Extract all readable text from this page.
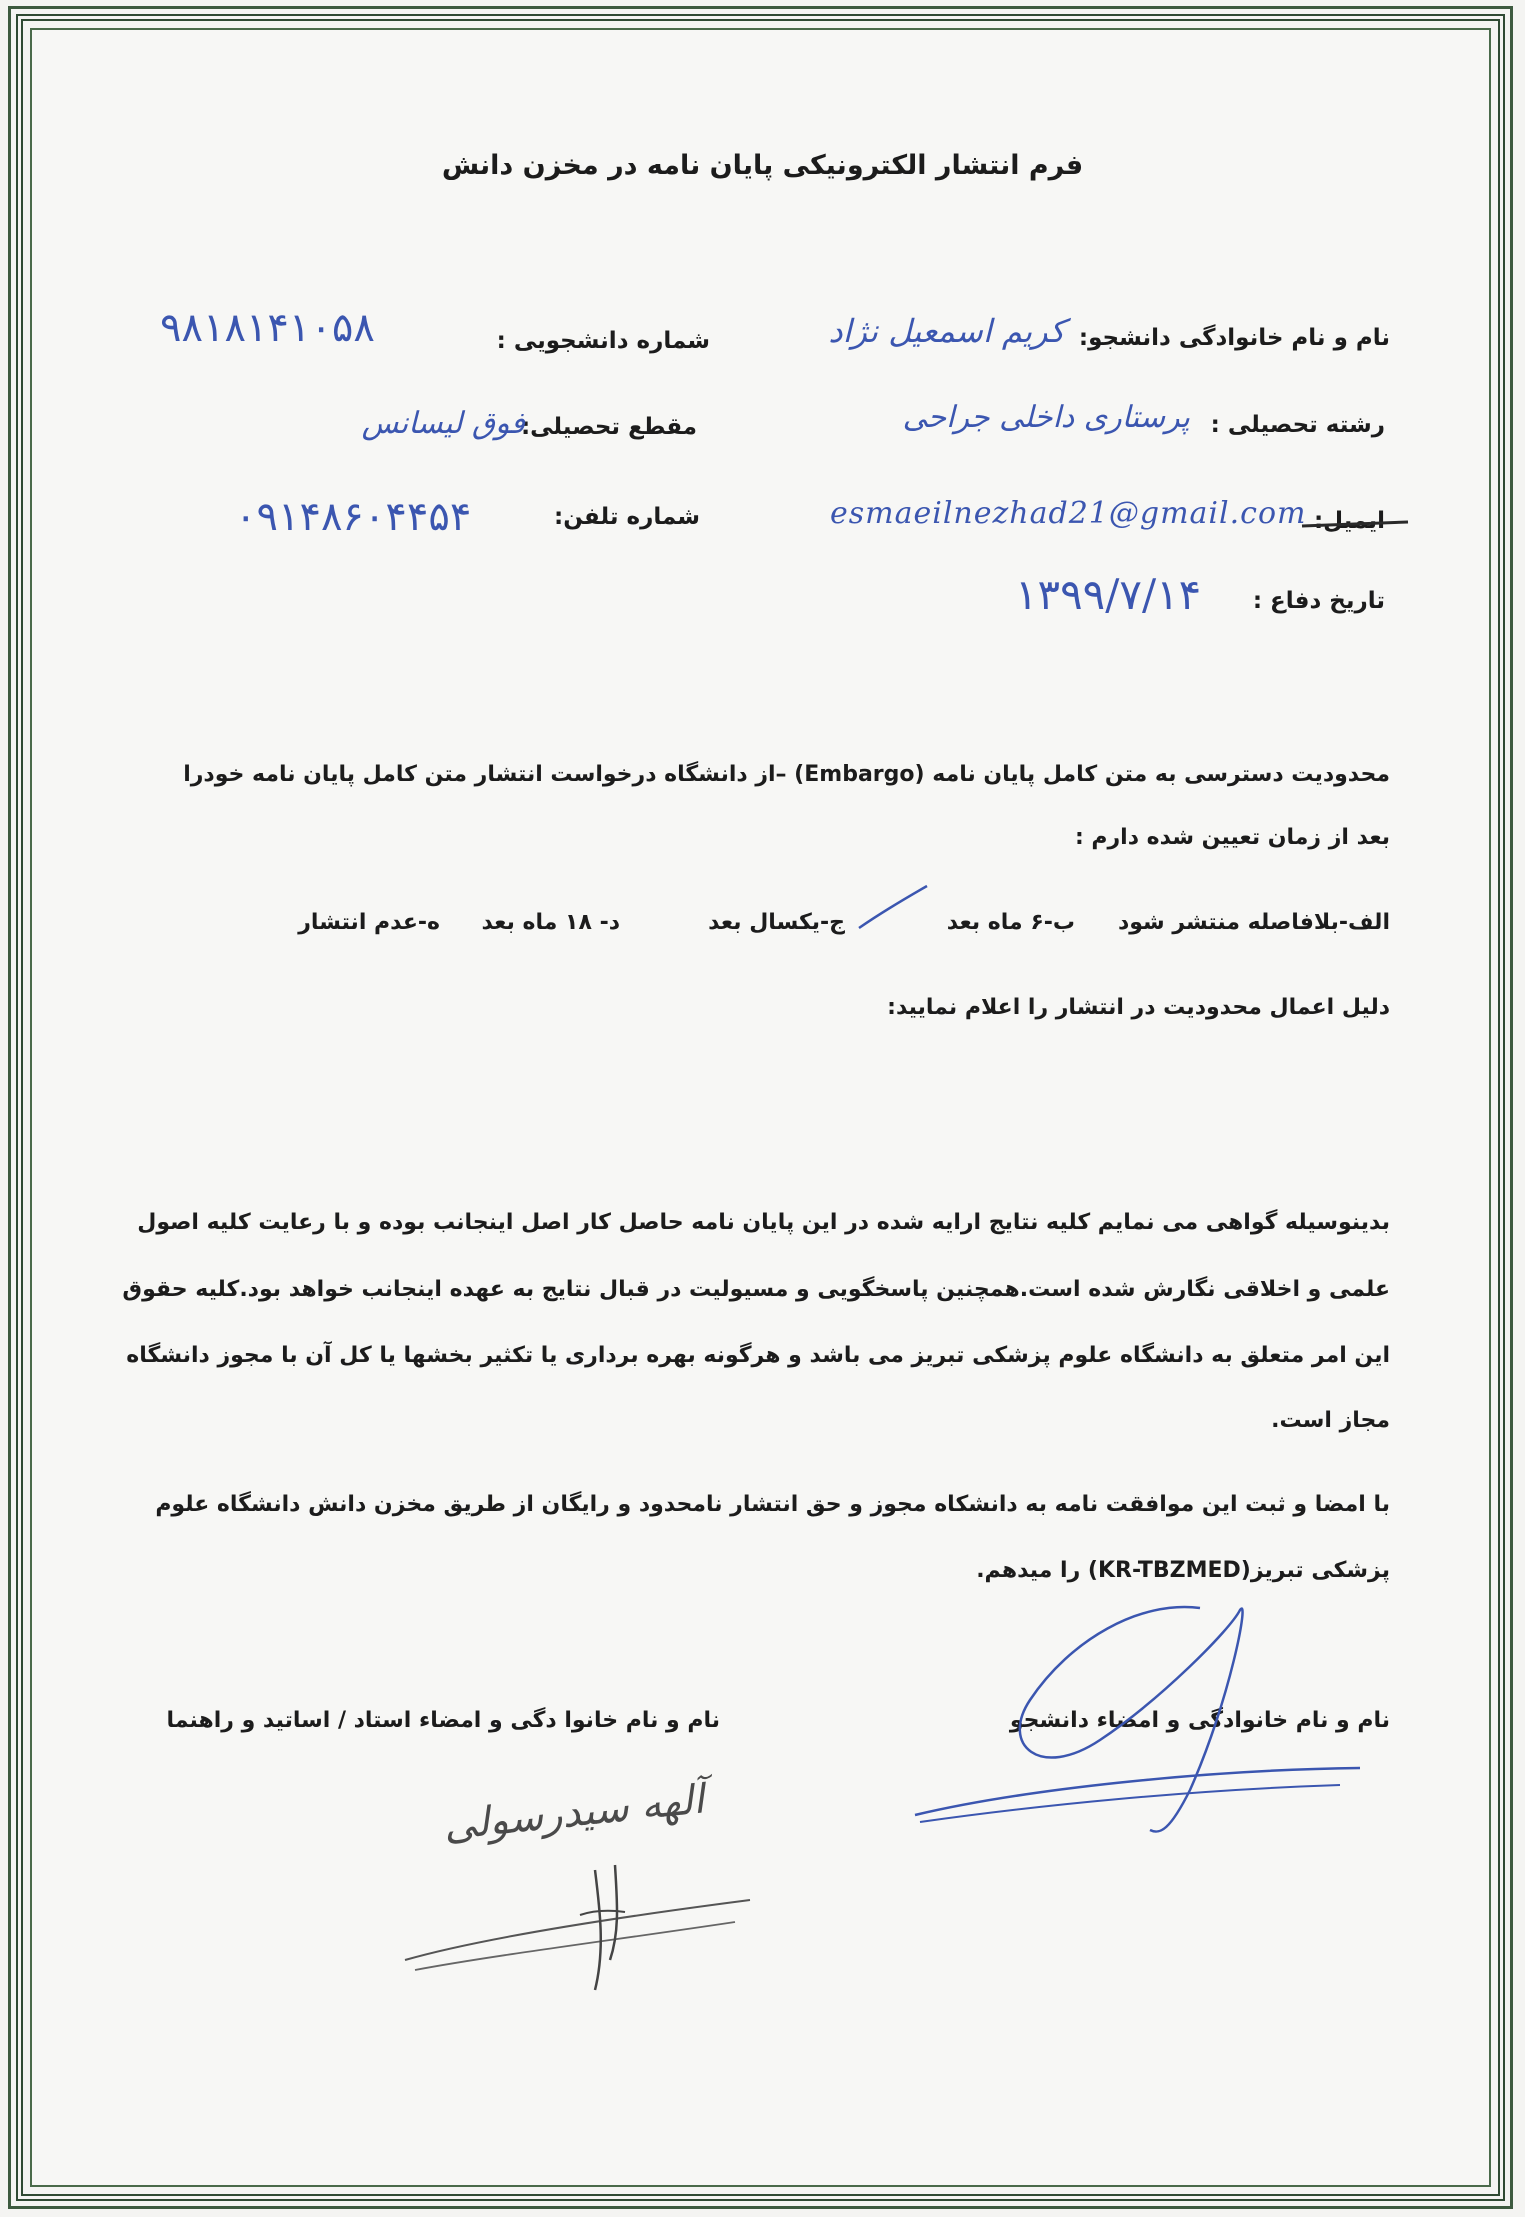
فرم انتشار الکترونیکی پایان نامه در مخزن دانش
نام و نام خانوادگی دانشجو:
کریم اسمعیل نژاد
شماره دانشجویی :
۹۸۱۸۱۴۱۰۵۸
رشته تحصیلی :
پرستاری داخلی جراحی
مقطع تحصیلی:
فوق لیسانس
ایمیل:
esmaeilnezhad21@gmail.com
شماره تلفن:
۰۹۱۴۸۶۰۴۴۵۴
تاریخ دفاع :
۱۳۹۹/۷/۱۴
محدودیت دسترسی به متن کامل پایان نامه (Embargo) –از دانشگاه درخواست انتشار متن کامل پایان نامه خودرا
بعد از زمان تعیین شده دارم :
الف-بلافاصله منتشر شود
ب-۶ ماه بعد
ج-یکسال بعد
د- ۱۸ ماه بعد
ه-عدم انتشار
دلیل اعمال محدودیت در انتشار را اعلام نمایید:
بدینوسیله گواهی می نمایم کلیه نتایج ارایه شده در این پایان نامه حاصل کار اصل اینجانب بوده و با رعایت کلیه اصول
علمی و اخلاقی نگارش شده است.همچنین پاسخگویی و مسیولیت در قبال نتایج به عهده اینجانب خواهد بود.کلیه حقوق
این امر متعلق به دانشگاه علوم پزشکی تبریز می باشد و هرگونه بهره برداری یا تکثیر بخشها یا کل آن با مجوز دانشگاه
مجاز است.
با امضا و ثبت این موافقت نامه به دانشکاه مجوز و حق انتشار نامحدود و رایگان از طریق مخزن دانش دانشگاه علوم
پزشکی تبریز(KR-TBZMED) را میدهم.
نام و نام خانوادگی و امضاء دانشجو
نام و نام خانوا دگی و امضاء استاد / اساتید و راهنما
آلهه سیدرسولی
